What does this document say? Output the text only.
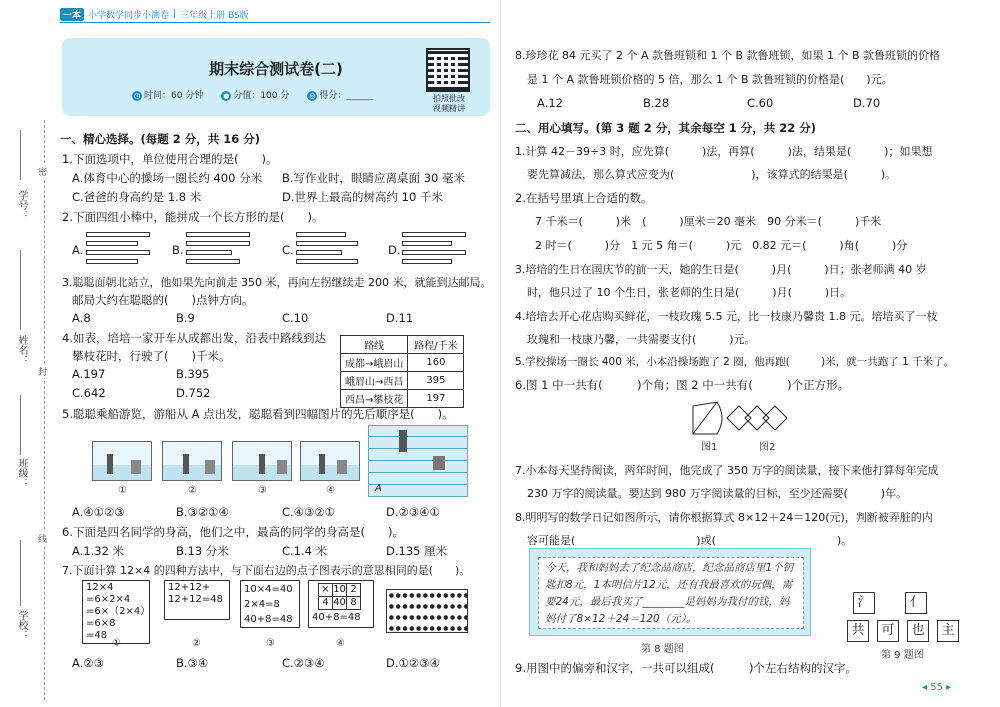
一本 小学数学同步小测卷 | 三年级上册 BS版
期末综合测试卷(二)
◷ 时间：60 分钟	● 分值：100 分	◎ 得分：______	拍照批改
视频精讲
学号：
密
姓名：
封
班级：
线
学校：
一、精心选择。(每题 2 分，共 16 分)
1.下面选项中，单位使用合理的是(　　)。
A.体育中心的操场一圈长约 400 分米 B.写作业时，眼睛应离桌面 30 毫米
C.爸爸的身高约是 1.8 米	D.世界上最高的树高约 10 千米
2.下面四组小棒中，能拼成一个长方形的是(　　)。
A.	B.	C.	D.
3.聪聪面朝北站立，他如果先向前走 350 米，再向左拐继续走 200 米，就能到达邮局。
邮局大约在聪聪的(　　)点钟方向。
A.8	B.9	C.10	D.11
4.如表，培培一家开车从成都出发，沿表中路线到达
攀枝花时，行驶了(　　)千米。
A.197	B.395
C.642	D.752
路线	路程/千米
成都→峨眉山	160
峨眉山→西昌	395
西昌→攀枝花	197
5.聪聪乘船游览，游船从 A 点出发，聪聪看到四幅图片的先后顺序是(　　)。
①	②	③	④	A
A.④①②③	B.③②①④	C.④③②①	D.②③④①
6.下面是四名同学的身高，他们之中，最高的同学的身高是(　　)。
A.1.32 米	B.13 分米	C.1.4 米	D.135 厘米
7.下面计算 12×4 的四种方法中，与下面右边的点子图表示的意思相同的是(　　)。
12×4
=6×2×4
=6×（2×4）
=6×8
=48
12+12+
12+12=48
10×4=40
2×4=8
40+8=48
×	10	2
4	40	8
40+8=48
①	②	③	④
A.②③	B.③④	C.②③④	D.①②③④
8.珍珍花 84 元买了 2 个 A 款鲁班锁和 1 个 B 款鲁班锁，如果 1 个 B 款鲁班锁的价格
是 1 个 A 款鲁班锁价格的 5 倍，那么 1 个 B 款鲁班锁的价格是(　　)元。
A.12	B.28	C.60	D.70
二、用心填写。(第 3 题 2 分，其余每空 1 分，共 22 分)
1.计算 42－39÷3 时，应先算(　　　)法，再算(　　　)法，结果是(　　　)；如果想
要先算减法，那么算式应变为(　　　　　　　)，该算式的结果是(　　　)。
2.在括号里填上合适的数。
7 千米＝(　　　)米　(　　　)厘米＝20 毫米　90 分米＝(　　　)千米
2 时＝(　　　)分　1 元 5 角＝(　　　)元　0.82 元＝(　　　)角(　　　)分
3.培培的生日在国庆节的前一天，她的生日是(　　　)月(　　　)日；张老师满 40 岁
时，他只过了 10 个生日，张老师的生日是(　　　)月(　　　)日。
4.培培去开心花店购买鲜花，一枝玫瑰 5.5 元，比一枝康乃馨贵 1.8 元。培培买了一枝
玫瑰和一枝康乃馨，一共需要支付(　　　)元。
5.学校操场一圈长 400 米，小本沿操场跑了 2 圈，他再跑(　　　)米，就一共跑了 1 千米了。
6.图 1 中一共有(　　　)个角；图 2 中一共有(　　　)个正方形。
图1	图2
7.小本每天坚持阅读，两年时间，他完成了 350 万字的阅读量，接下来他打算每年完成
230 万字的阅读量。要达到 980 万字阅读量的目标，至少还需要(　　　)年。
8.明明写的数学日记如图所示，请你根据算式 8×12＋24＝120(元)，判断被弄脏的内
容可能是(　　　　　　　　　　　)或(　　　　　　　　　　　)。
今天，我和妈妈去了纪念品商店，纪念品商店里1个钥匙扣8元，1本明信片12元，还有我最喜欢的玩偶，需要24元，最后我买了________是妈妈为我付的钱，妈妈付了8×12＋24＝120（元）。
第 8 题图
氵	亻
共	可	也	主
第 9 题图
9.用图中的偏旁和汉字，一共可以组成(　　　)个左右结构的汉字。
◂ 55 ▸
